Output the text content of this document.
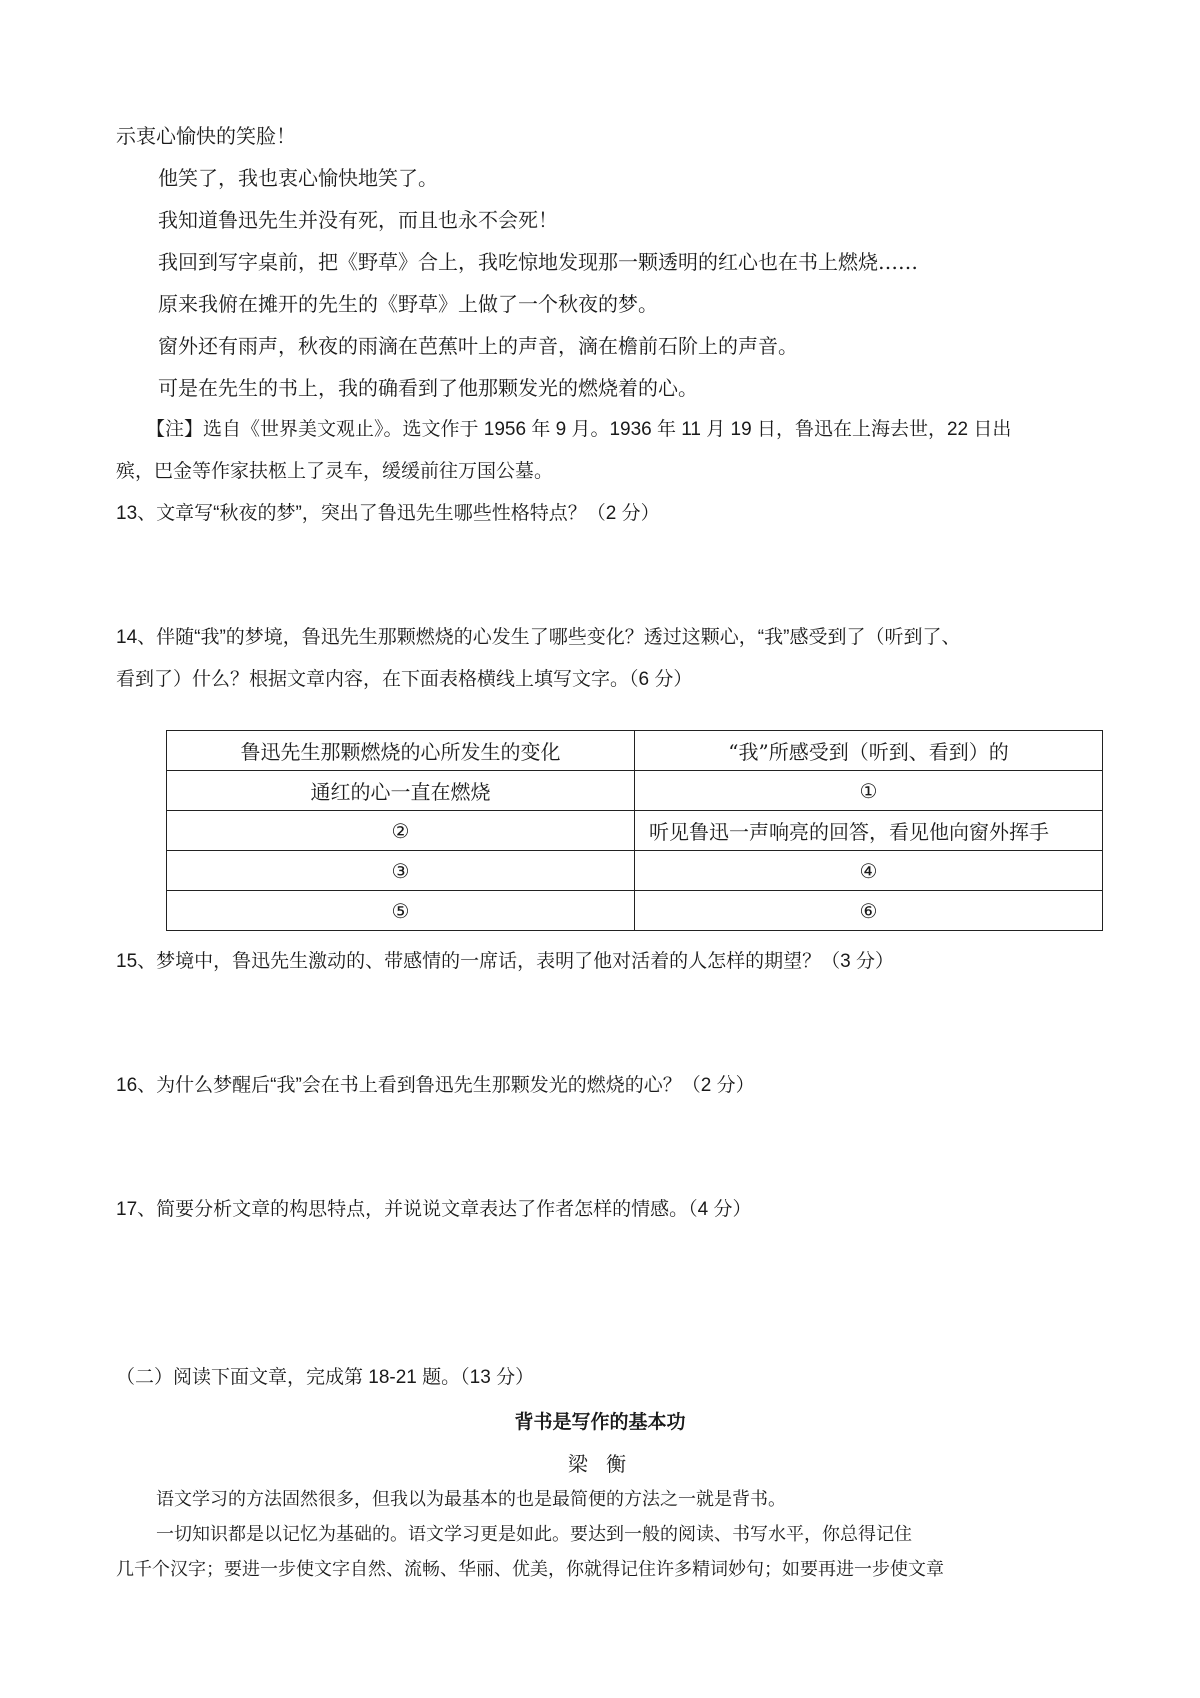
示衷心愉快的笑脸！
他笑了，我也衷心愉快地笑了。
我知道鲁迅先生并没有死，而且也永不会死！
我回到写字桌前，把《野草》合上，我吃惊地发现那一颗透明的红心也在书上燃烧……
原来我俯在摊开的先生的《野草》上做了一个秋夜的梦。
窗外还有雨声，秋夜的雨滴在芭蕉叶上的声音，滴在檐前石阶上的声音。
可是在先生的书上，我的确看到了他那颗发光的燃烧着的心。
【注】选自《世界美文观止》。选文作于 1956 年 9 月。1936 年 11 月 19 日，鲁迅在上海去世，22 日出
殡，巴金等作家扶柩上了灵车，缓缓前往万国公墓。
13、文章写“秋夜的梦”，突出了鲁迅先生哪些性格特点？（2 分）
14、伴随“我”的梦境，鲁迅先生那颗燃烧的心发生了哪些变化？透过这颗心，“我”感受到了（听到了、
看到了）什么？根据文章内容，在下面表格横线上填写文字。（6 分）
鲁迅先生那颗燃烧的心所发生的变化	“我”所感受到（听到、看到）的
通红的心一直在燃烧	①
②	听见鲁迅一声响亮的回答，看见他向窗外挥手
③	④
⑤	⑥
15、梦境中，鲁迅先生激动的、带感情的一席话，表明了他对活着的人怎样的期望？（3 分）
16、为什么梦醒后“我”会在书上看到鲁迅先生那颗发光的燃烧的心？（2 分）
17、简要分析文章的构思特点，并说说文章表达了作者怎样的情感。（4 分）
（二）阅读下面文章，完成第 18-21 题。（13 分）
背书是写作的基本功
梁 衡
语文学习的方法固然很多，但我以为最基本的也是最简便的方法之一就是背书。
一切知识都是以记忆为基础的。语文学习更是如此。要达到一般的阅读、书写水平，你总得记住
几千个汉字；要进一步使文字自然、流畅、华丽、优美，你就得记住许多精词妙句；如要再进一步使文章
